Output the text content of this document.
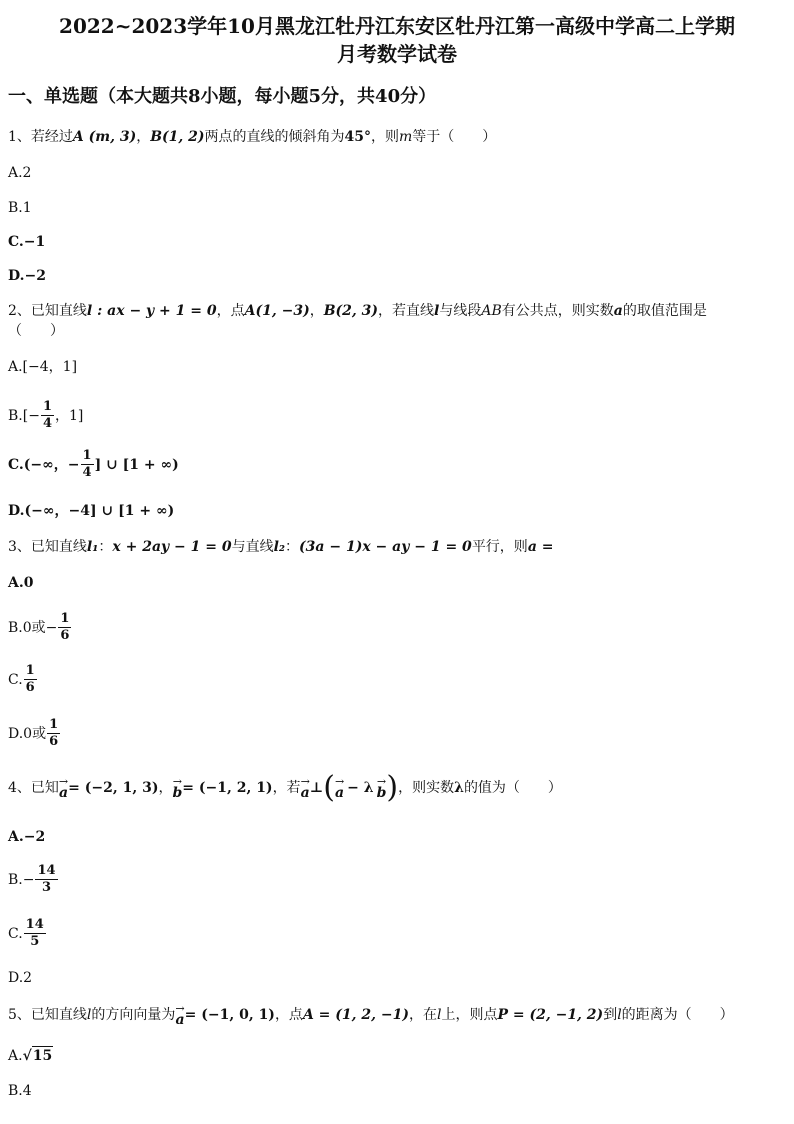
2022~2023学年10月黑龙江牡丹江东安区牡丹江第一高级中学高二上学期
月考数学试卷
一、单选题（本大题共8小题，每小题5分，共40分）
1、若经过A (m, 3)，B(1, 2)两点的直线的倾斜角为45°，则m等于（　　）
A.2
B.1
C.−1
D.−2
2、已知直线l : ax − y + 1 = 0，点A(1, −3)，B(2, 3)，若直线l与线段AB有公共点，则实数a的取值范围是
（　　）
A.[−4，1]
$B.[- \frac{1}{4}$ ，1]
C.(−∞，− $\frac{1}{4}$ ] ∪ [1 + ∞)
D.(−∞，−4] ∪ [1 + ∞)
3、已知直线l₁：x + 2ay − 1 = 0与直线l₂：(3a − 1)x − ay − 1 = 0平行，则a =
A.0
B.0或− $\frac{1}{6}$
C. $\frac{1}{6}$
D.0或 $\frac{1}{6}$
4、已知 →
a = (−2, 1, 3) ， →
b = (−1, 2, 1) ，若 →
a ⊥ ( →
a − λ →
b ) ，则实数 λ 的值为（　　）
A.−2
$B.- \frac{14}{3}$
C. $\frac{14}{5}$
D.2
5、已知直线 l 的方向向量为 →
a = (−1, 0, 1) ，点 A = (1, 2, −1) ，在 l 上，则点 P = (2, −1, 2) 到 l 的距离为（　　）
A. √ 15
B.4
